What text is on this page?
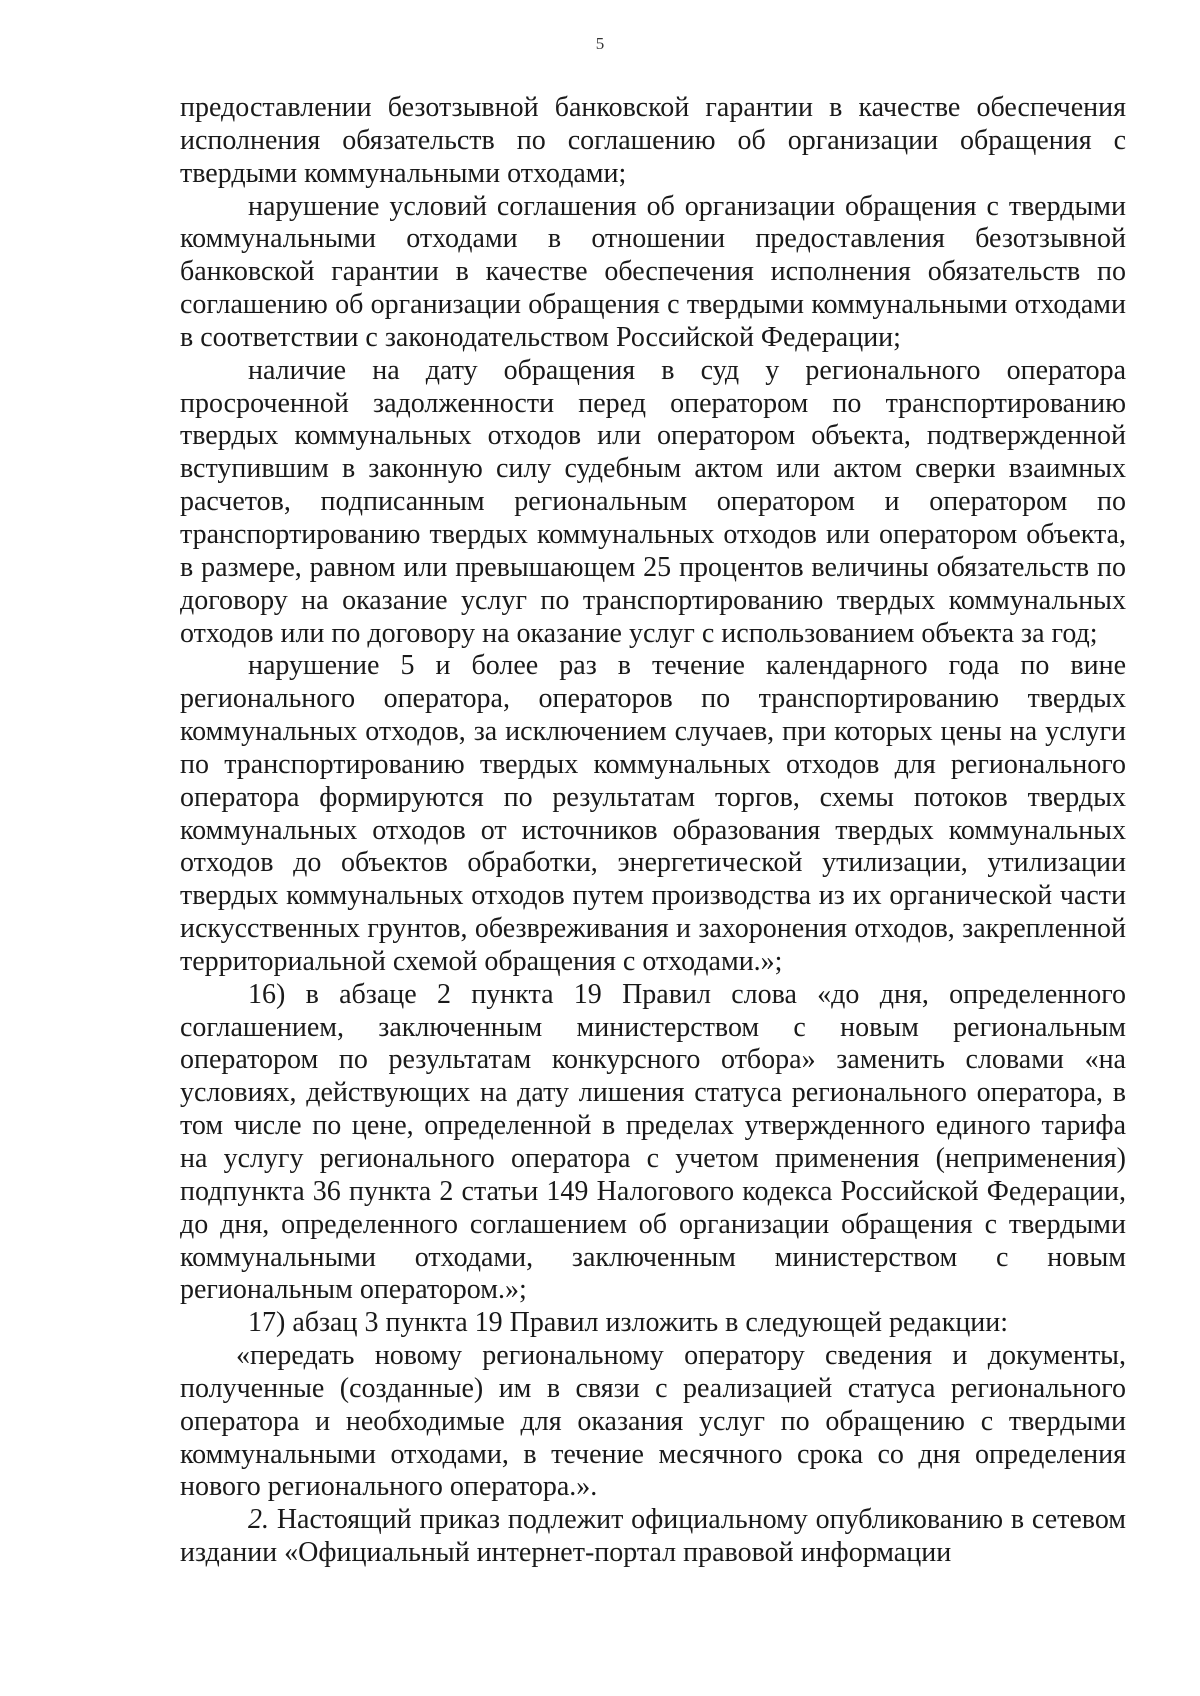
5

предоставлении безотзывной банковской гарантии в качестве обеспечения исполнения обязательств по соглашению об организации обращения с твердыми коммунальными отходами;

нарушение условий соглашения об организации обращения с твердыми коммунальными отходами в отношении предоставления безотзывной банковской гарантии в качестве обеспечения исполнения обязательств по соглашению об организации обращения с твердыми коммунальными отходами в соответствии с законодательством Российской Федерации;

наличие на дату обращения в суд у регионального оператора просроченной задолженности перед оператором по транспортированию твердых коммунальных отходов или оператором объекта, подтвержденной вступившим в законную силу судебным актом или актом сверки взаимных расчетов, подписанным региональным оператором и оператором по транспортированию твердых коммунальных отходов или оператором объекта, в размере, равном или превышающем 25 процентов величины обязательств по договору на оказание услуг по транспортированию твердых коммунальных отходов или по договору на оказание услуг с использованием объекта за год;

нарушение 5 и более раз в течение календарного года по вине регионального оператора, операторов по транспортированию твердых коммунальных отходов, за исключением случаев, при которых цены на услуги по транспортированию твердых коммунальных отходов для регионального оператора формируются по результатам торгов, схемы потоков твердых коммунальных отходов от источников образования твердых коммунальных отходов до объектов обработки, энергетической утилизации, утилизации твердых коммунальных отходов путем производства из их органической части искусственных грунтов, обезвреживания и захоронения отходов, закрепленной территориальной схемой обращения с отходами.»;

16) в абзаце 2 пункта 19 Правил слова «до дня, определенного соглашением, заключенным министерством с новым региональным оператором по результатам конкурсного отбора» заменить словами «на условиях, действующих на дату лишения статуса регионального оператора, в том числе по цене, определенной в пределах утвержденного единого тарифа на услугу регионального оператора с учетом применения (неприменения) подпункта 36 пункта 2 статьи 149 Налогового кодекса Российской Федерации, до дня, определенного соглашением об организации обращения с твердыми коммунальными отходами, заключенным министерством с новым региональным оператором.»;

17) абзац 3 пункта 19 Правил изложить в следующей редакции:

«передать новому региональному оператору сведения и документы, полученные (созданные) им в связи с реализацией статуса регионального оператора и необходимые для оказания услуг по обращению с твердыми коммунальными отходами, в течение месячного срока со дня определения нового регионального оператора.».

2. Настоящий приказ подлежит официальному опубликованию в сетевом издании «Официальный интернет-портал правовой информации
